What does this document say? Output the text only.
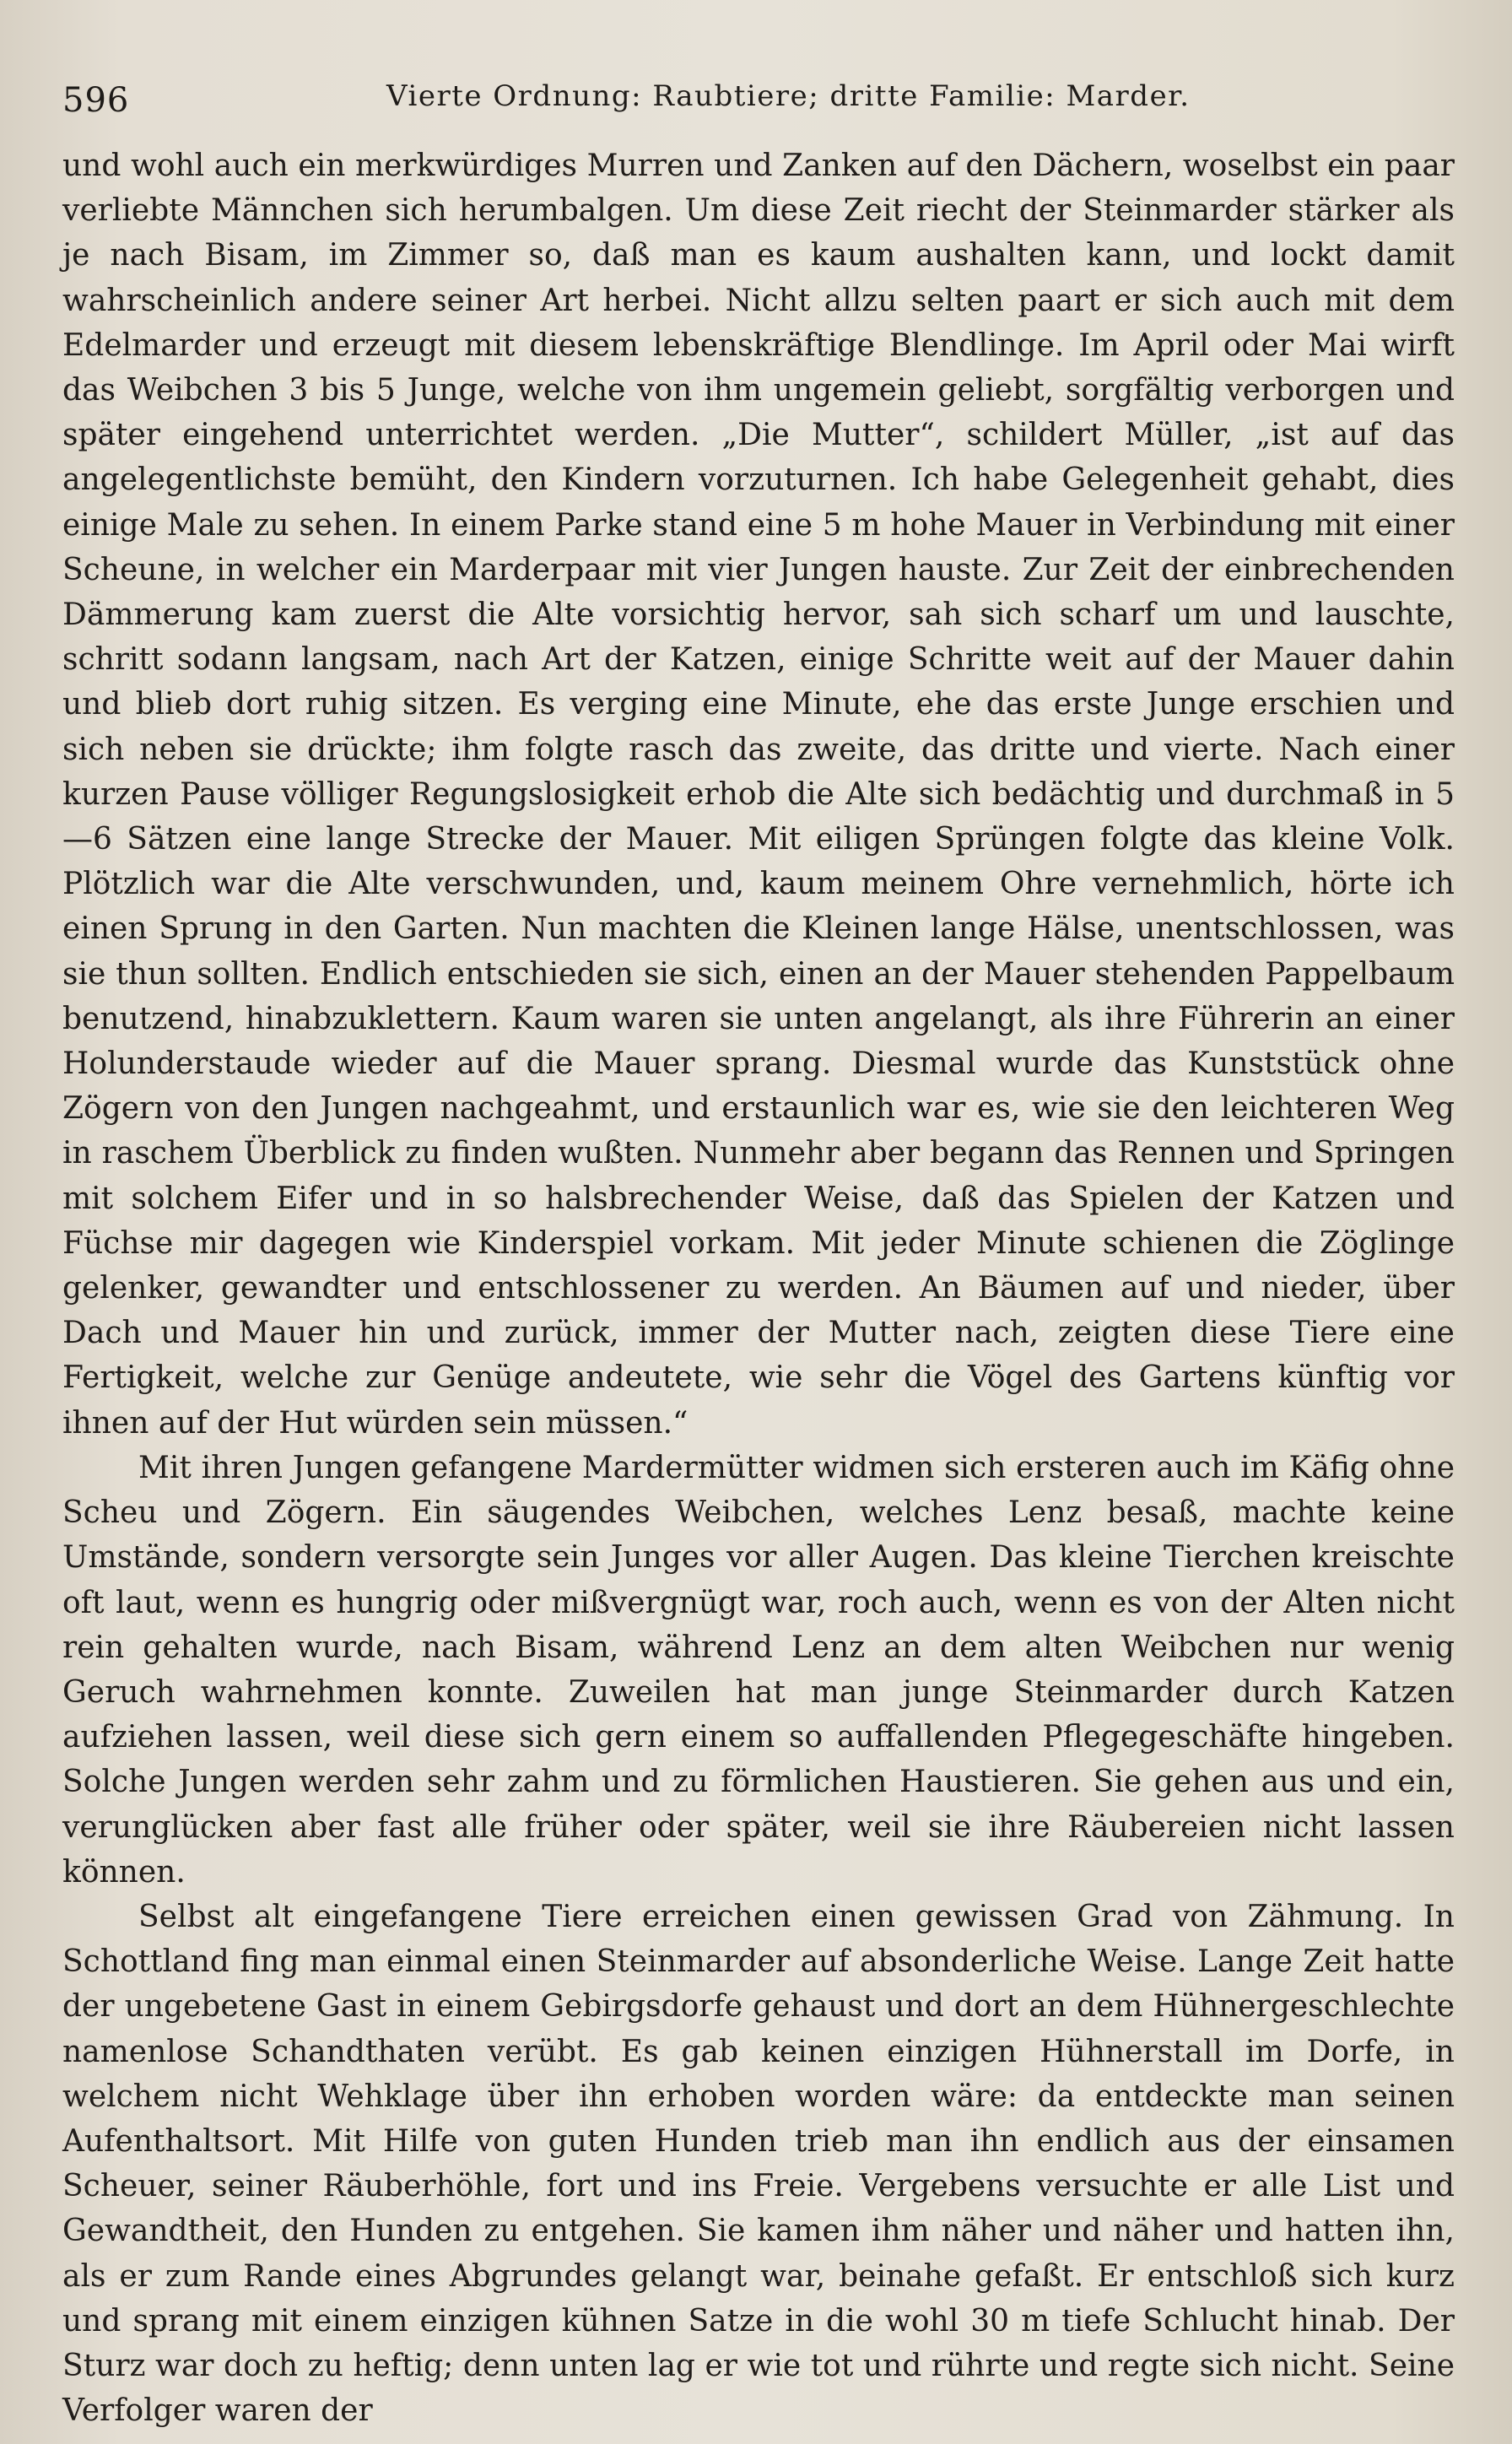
596	Vierte Ordnung: Raubtiere; dritte Familie: Marder.

und wohl auch ein merkwürdiges Murren und Zanken auf den Dächern, woselbst ein paar verliebte Männchen sich herumbalgen. Um diese Zeit riecht der Steinmarder stärker als je nach Bisam, im Zimmer so, daß man es kaum aushalten kann, und lockt damit wahrscheinlich andere seiner Art herbei. Nicht allzu selten paart er sich auch mit dem Edelmarder und erzeugt mit diesem lebenskräftige Blendlinge. Im April oder Mai wirft das Weibchen 3 bis 5 Junge, welche von ihm ungemein geliebt, sorgfältig verborgen und später eingehend unterrichtet werden. „Die Mutter“, schildert Müller, „ist auf das angelegentlichste bemüht, den Kindern vorzuturnen. Ich habe Gelegenheit gehabt, dies einige Male zu sehen. In einem Parke stand eine 5 m hohe Mauer in Verbindung mit einer Scheune, in welcher ein Marderpaar mit vier Jungen hauste. Zur Zeit der einbrechenden Dämmerung kam zuerst die Alte vorsichtig hervor, sah sich scharf um und lauschte, schritt sodann langsam, nach Art der Katzen, einige Schritte weit auf der Mauer dahin und blieb dort ruhig sitzen. Es verging eine Minute, ehe das erste Junge erschien und sich neben sie drückte; ihm folgte rasch das zweite, das dritte und vierte. Nach einer kurzen Pause völliger Regungslosigkeit erhob die Alte sich bedächtig und durchmaß in 5—6 Sätzen eine lange Strecke der Mauer. Mit eiligen Sprüngen folgte das kleine Volk. Plötzlich war die Alte verschwunden, und, kaum meinem Ohre vernehmlich, hörte ich einen Sprung in den Garten. Nun machten die Kleinen lange Hälse, unentschlossen, was sie thun sollten. Endlich entschieden sie sich, einen an der Mauer stehenden Pappelbaum benutzend, hinabzuklettern. Kaum waren sie unten angelangt, als ihre Führerin an einer Holunderstaude wieder auf die Mauer sprang. Diesmal wurde das Kunststück ohne Zögern von den Jungen nachgeahmt, und erstaunlich war es, wie sie den leichteren Weg in raschem Überblick zu finden wußten. Nunmehr aber begann das Rennen und Springen mit solchem Eifer und in so halsbrechender Weise, daß das Spielen der Katzen und Füchse mir dagegen wie Kinderspiel vorkam. Mit jeder Minute schienen die Zöglinge gelenker, gewandter und entschlossener zu werden. An Bäumen auf und nieder, über Dach und Mauer hin und zurück, immer der Mutter nach, zeigten diese Tiere eine Fertigkeit, welche zur Genüge andeutete, wie sehr die Vögel des Gartens künftig vor ihnen auf der Hut würden sein müssen.“

Mit ihren Jungen gefangene Mardermütter widmen sich ersteren auch im Käfig ohne Scheu und Zögern. Ein säugendes Weibchen, welches Lenz besaß, machte keine Umstände, sondern versorgte sein Junges vor aller Augen. Das kleine Tierchen kreischte oft laut, wenn es hungrig oder mißvergnügt war, roch auch, wenn es von der Alten nicht rein gehalten wurde, nach Bisam, während Lenz an dem alten Weibchen nur wenig Geruch wahrnehmen konnte. Zuweilen hat man junge Steinmarder durch Katzen aufziehen lassen, weil diese sich gern einem so auffallenden Pflegegeschäfte hingeben. Solche Jungen werden sehr zahm und zu förmlichen Haustieren. Sie gehen aus und ein, verunglücken aber fast alle früher oder später, weil sie ihre Räubereien nicht lassen können.

Selbst alt eingefangene Tiere erreichen einen gewissen Grad von Zähmung. In Schottland fing man einmal einen Steinmarder auf absonderliche Weise. Lange Zeit hatte der ungebetene Gast in einem Gebirgsdorfe gehaust und dort an dem Hühnergeschlechte namenlose Schandthaten verübt. Es gab keinen einzigen Hühnerstall im Dorfe, in welchem nicht Wehklage über ihn erhoben worden wäre: da entdeckte man seinen Aufenthaltsort. Mit Hilfe von guten Hunden trieb man ihn endlich aus der einsamen Scheuer, seiner Räuberhöhle, fort und ins Freie. Vergebens versuchte er alle List und Gewandtheit, den Hunden zu entgehen. Sie kamen ihm näher und näher und hatten ihn, als er zum Rande eines Abgrundes gelangt war, beinahe gefaßt. Er entschloß sich kurz und sprang mit einem einzigen kühnen Satze in die wohl 30 m tiefe Schlucht hinab. Der Sturz war doch zu heftig; denn unten lag er wie tot und rührte und regte sich nicht. Seine Verfolger waren der
